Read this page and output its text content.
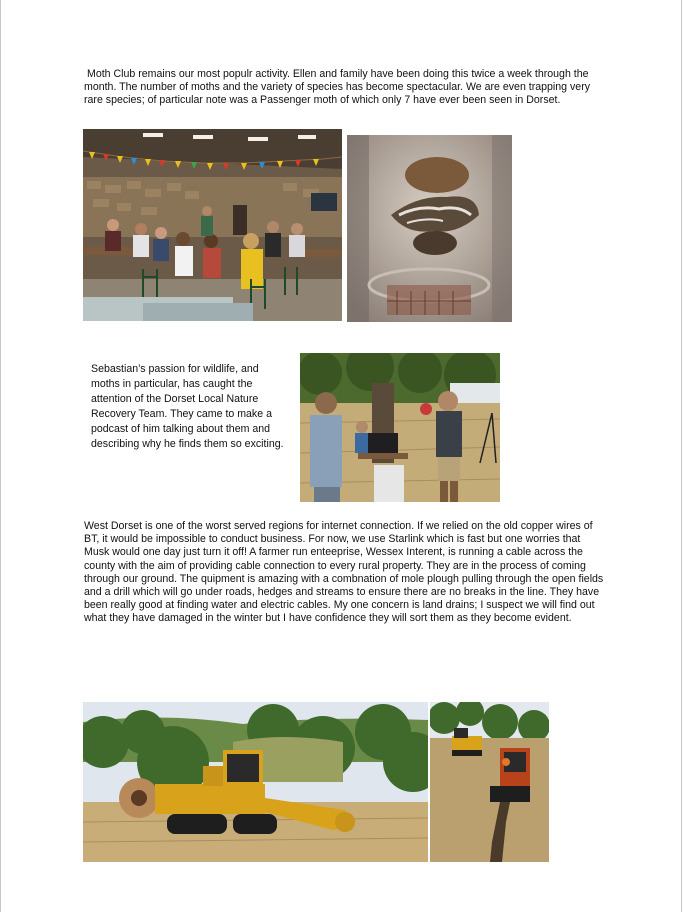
Moth Club remains our most populr activity. Ellen and family have been doing this twice a week through the month. The number of moths and the variety of species has become spectacular. We are even trapping very rare species; of particular note was a Passenger moth of which only 7 have ever been seen in Dorset.

Sebastian’s passion for wildlife, and moths in particular, has caught the attention of the Dorset Local Nature Recovery Team. They came to make a podcast of him talking about them and describing why he finds them so exciting.

West Dorset is one of the worst served regions for internet connection. If we relied on the old copper wires of BT, it would be impossible to conduct business. For now, we use Starlink which is fast but one worries that Musk would one day just turn it off! A farmer run enteeprise, Wessex Interent, is running a cable across the county with the aim of providing cable connection to every rural property. They are in the process of coming through our ground. The quipment is amazing with a combnation of mole plough pulling through the open fields and a drill which will go under roads, hedges and streams to ensure there are no breaks in the line. They have been really good at finding water and electric cables. My one concern is land drains; I suspect we will find out what they have damaged in the winter but I have confidence they will sort them as they become evident.
